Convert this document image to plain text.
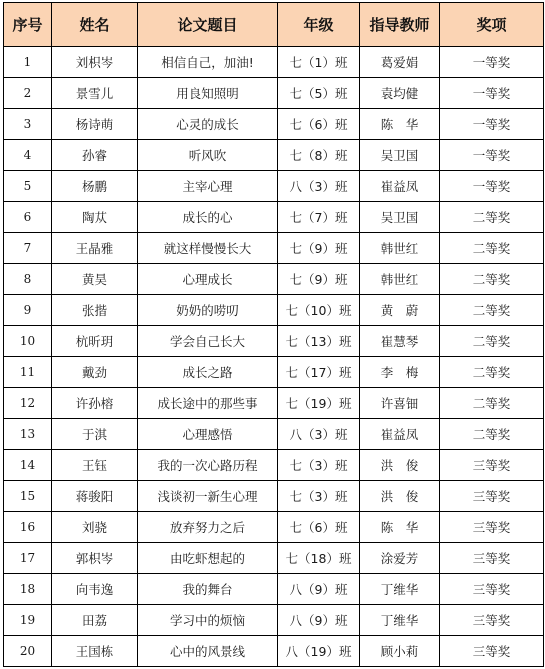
序号	姓名	论文题目	年级	指导教师	奖项
1	刘枳岑	相信自己，加油!	七（1）班	葛爱娟	一等奖
2	景雪儿	用良知照明	七（5）班	袁均健	一等奖
3	杨诗萌	心灵的成长	七（6）班	陈　华	一等奖
4	孙睿	听风吹	七（8）班	吴卫国	一等奖
5	杨鹏	主宰心理	八（3）班	崔益凤	一等奖
6	陶苁	成长的心	七（7）班	吴卫国	二等奖
7	王晶雅	就这样慢慢长大	七（9）班	韩世红	二等奖
8	黄昊	心理成长	七（9）班	韩世红	二等奖
9	张揩	奶奶的唠叨	七（10）班	黄　蔚	二等奖
10	杭昕玥	学会自己长大	七（13）班	崔慧琴	二等奖
11	戴劲	成长之路	七（17）班	李　梅	二等奖
12	许孙榕	成长途中的那些事	七（19）班	许喜钿	二等奖
13	于淇	心理感悟	八（3）班	崔益凤	二等奖
14	王钰	我的一次心路历程	七（3）班	洪　俊	三等奖
15	蒋骏阳	浅谈初一新生心理	七（3）班	洪　俊	三等奖
16	刘骁	放弃努力之后	七（6）班	陈　华	三等奖
17	郭枳岑	由吃虾想起的	七（18）班	涂爱芳	三等奖
18	向韦逸	我的舞台	八（9）班	丁维华	三等奖
19	田荔	学习中的烦恼	八（9）班	丁维华	三等奖
20	王国栋	心中的风景线	八（19）班	顾小莉	三等奖
